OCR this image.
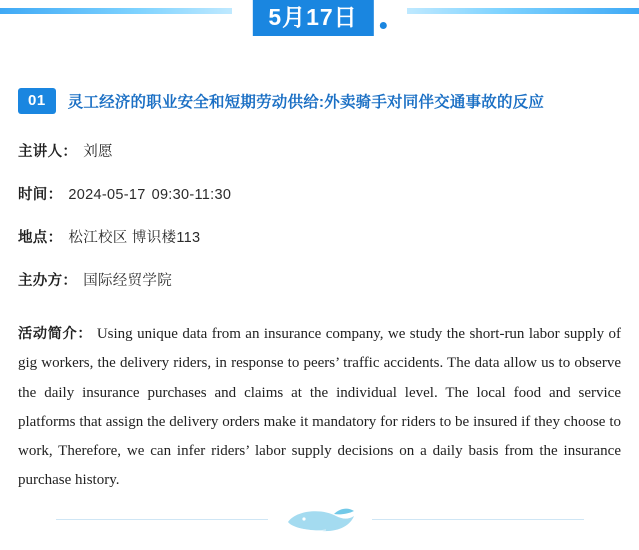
5月17日
01	灵工经济的职业安全和短期劳动供给:外卖骑手对同伴交通事故的反应
主讲人： 刘愿
时间： 2024-05-17 09:30-11:30
地点： 松江校区 博识楼113
主办方： 国际经贸学院
活动简介： Using unique data from an insurance company, we study the short-run labor supply of gig workers, the delivery riders, in response to peers’ traffic accidents. The data allow us to observe the daily insurance purchases and claims at the individual level. The local food and service platforms that assign the delivery orders make it mandatory for riders to be insured if they choose to work, Therefore, we can infer riders’ labor supply decisions on a daily basis from the insurance purchase history.
